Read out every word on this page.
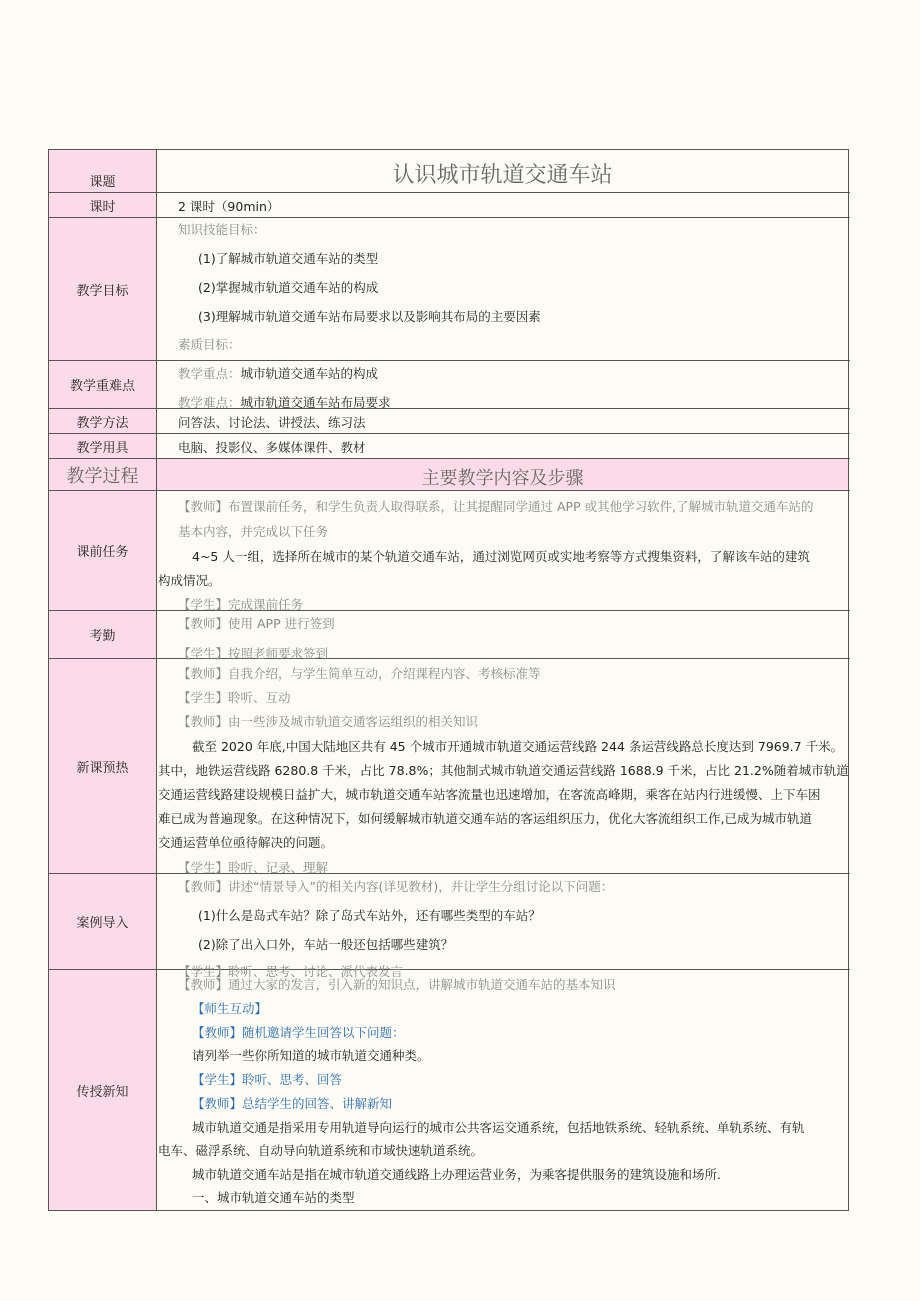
课题
课时
教学目标
教学重难点
教学方法
教学用具
教学过程
课前任务
考勤
新课预热
案例导入
传授新知
认识城市轨道交通车站
2 课时（90min）
知识技能目标：
(1)了解城市轨道交通车站的类型
(2)掌握城市轨道交通车站的构成
(3)理解城市轨道交通车站布局要求以及影响其布局的主要因素
素质目标：
教学重点：城市轨道交通车站的构成
教学难点：城市轨道交通车站布局要求
问答法、讨论法、讲授法、练习法
电脑、投影仪、多媒体课件、教材
主要教学内容及步骤
【教师】布置课前任务，和学生负责人取得联系，让其提醒同学通过 APP 或其他学习软件,了解城市轨道交通车站的
基本内容，并完成以下任务
4~5 人一组，选择所在城市的某个轨道交通车站，通过浏览网页或实地考察等方式搜集资料，了解该车站的建筑
构成情况。
【学生】完成课前任务
【教师】使用 APP 进行签到
【学生】按照老师要求签到
【教师】自我介绍，与学生简单互动，介绍课程内容、考核标准等
【学生】聆听、互动
【教师】由一些涉及城市轨道交通客运组织的相关知识
截至 2020 年底,中国大陆地区共有 45 个城市开通城市轨道交通运营线路 244 条运营线路总长度达到 7969.7 千米。
其中，地铁运营线路 6280.8 千米，占比 78.8%；其他制式城市轨道交通运营线路 1688.9 千米，占比 21.2%随着城市轨道
交通运营线路建设规模日益扩大，城市轨道交通车站客流量也迅速增加，在客流高峰期，乘客在站内行进缓慢、上下车困
难已成为普遍现象。在这种情况下，如何缓解城市轨道交通车站的客运组织压力，优化大客流组织工作,已成为城市轨道
交通运营单位亟待解决的问题。
【学生】聆听、记录、理解
【教师】讲述“情景导入”的相关内容(详见教材)，并让学生分组讨论以下问题：
(1)什么是岛式车站？除了岛式车站外，还有哪些类型的车站？
(2)除了出入口外，车站一般还包括哪些建筑？
【学生】聆听、思考、讨论、派代表发言
【教师】通过大家的发言，引入新的知识点，讲解城市轨道交通车站的基本知识
【师生互动】
【教师】随机邀请学生回答以下问题：
请列举一些你所知道的城市轨道交通种类。
【学生】聆听、思考、回答
【教师】总结学生的回答、讲解新知
城市轨道交通是指采用专用轨道导向运行的城市公共客运交通系统，包括地铁系统、轻轨系统、单轨系统、有轨
电车、磁浮系统、自动导向轨道系统和市域快速轨道系统。
城市轨道交通车站是指在城市轨道交通线路上办理运营业务，为乘客提供服务的建筑设施和场所.
一、城市轨道交通车站的类型
